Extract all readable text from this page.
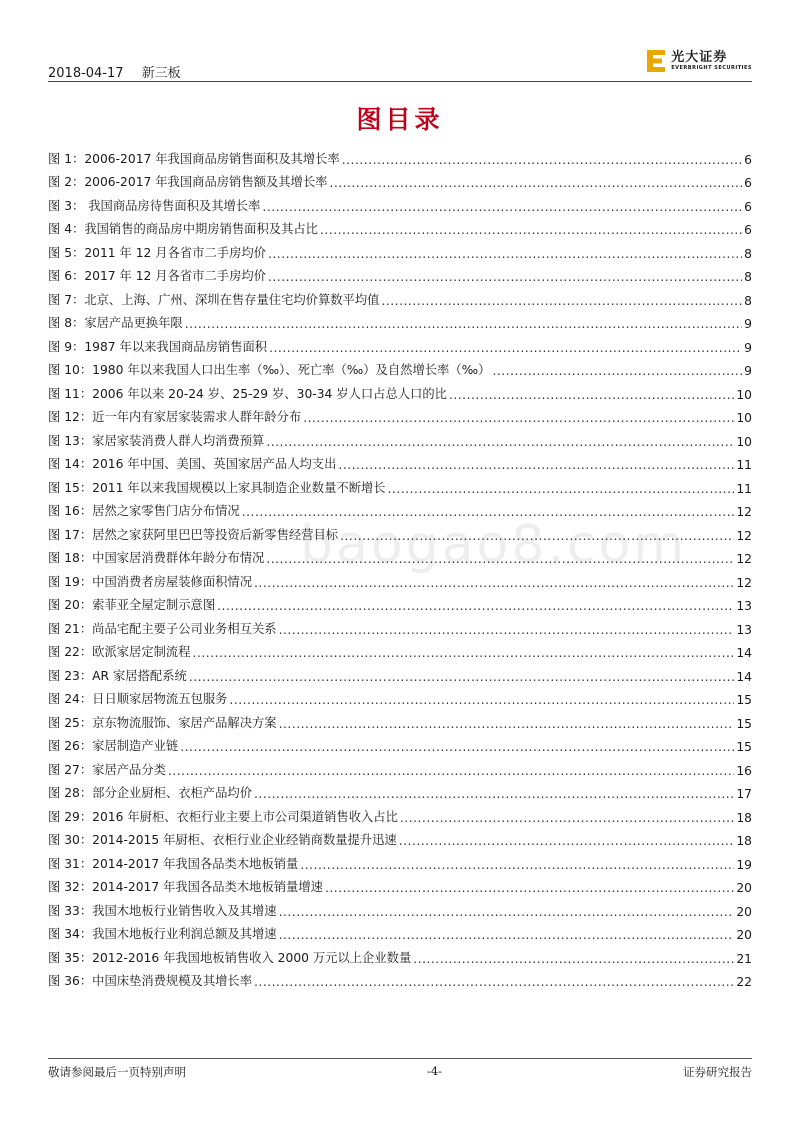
2018-04-17 新三板
光大证券
EVERBRIGHT SECURITIES
图目录
baogao8.com
图 1：2006-2017 年我国商品房销售面积及其增长率 .....	6
图 2：2006-2017 年我国商品房销售额及其增长率 .....	6
图 3： 我国商品房待售面积及其增长率 .....	6
图 4：我国销售的商品房中期房销售面积及其占比 .....	6
图 5：2011 年 12 月各省市二手房均价 .....	8
图 6：2017 年 12 月各省市二手房均价 .....	8
图 7：北京、上海、广州、深圳在售存量住宅均价算数平均值 .....	8
图 8：家居产品更换年限 .....	9
图 9：1987 年以来我国商品房销售面积 .....	9
图 10：1980 年以来我国人口出生率（‰）、死亡率（‰）及自然增长率（‰） .....	9
图 11：2006 年以来 20-24 岁、25-29 岁、30-34 岁人口占总人口的比 .....	10
图 12：近一年内有家居家装需求人群年龄分布 .....	10
图 13：家居家装消费人群人均消费预算 .....	10
图 14：2016 年中国、美国、英国家居产品人均支出 .....	11
图 15：2011 年以来我国规模以上家具制造企业数量不断增长 .....	11
图 16：居然之家零售门店分布情况 .....	12
图 17：居然之家获阿里巴巴等投资后新零售经营目标 .....	12
图 18：中国家居消费群体年龄分布情况 .....	12
图 19：中国消费者房屋装修面积情况 .....	12
图 20：索菲亚全屋定制示意图 .....	13
图 21：尚品宅配主要子公司业务相互关系 .....	13
图 22：欧派家居定制流程 .....	14
图 23：AR 家居搭配系统 .....	14
图 24：日日顺家居物流五包服务 .....	15
图 25：京东物流服饰、家居产品解决方案 .....	15
图 26：家居制造产业链 .....	15
图 27：家居产品分类 .....	16
图 28：部分企业厨柜、衣柜产品均价 .....	17
图 29：2016 年厨柜、衣柜行业主要上市公司渠道销售收入占比 .....	18
图 30：2014-2015 年厨柜、衣柜行业企业经销商数量提升迅速 .....	18
图 31：2014-2017 年我国各品类木地板销量 .....	19
图 32：2014-2017 年我国各品类木地板销量增速 .....	20
图 33：我国木地板行业销售收入及其增速 .....	20
图 34：我国木地板行业利润总额及其增速 .....	20
图 35：2012-2016 年我国地板销售收入 2000 万元以上企业数量 .....	21
图 36：中国床垫消费规模及其增长率 .....	22
敬请参阅最后一页特别声明	-4-	证券研究报告
